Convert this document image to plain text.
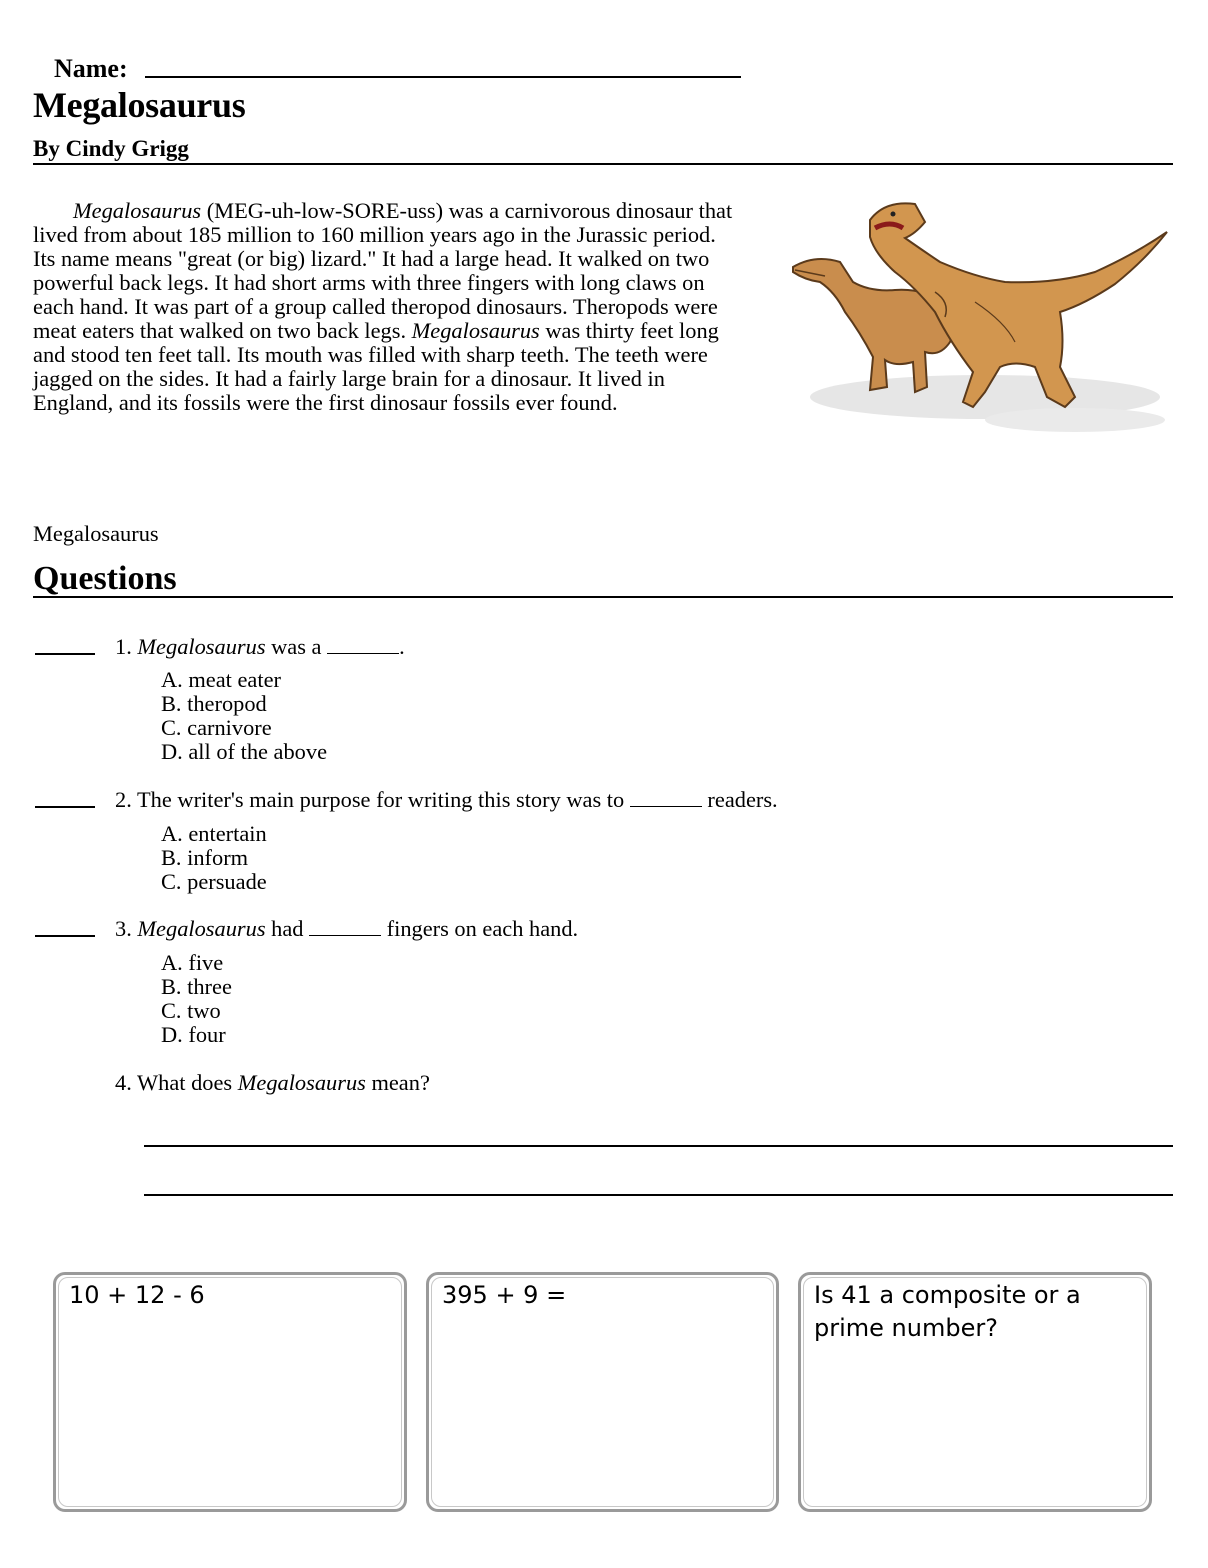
Name:
Megalosaurus
By Cindy Grigg

Megalosaurus (MEG-uh-low-SORE-uss) was a carnivorous dinosaur that lived from about 185 million to 160 million years ago in the Jurassic period. Its name means "great (or big) lizard." It had a large head. It walked on two powerful back legs. It had short arms with three fingers with long claws on each hand. It was part of a group called theropod dinosaurs. Theropods were meat eaters that walked on two back legs. Megalosaurus was thirty feet long and stood ten feet tall. Its mouth was filled with sharp teeth. The teeth were jagged on the sides. It had a fairly large brain for a dinosaur. It lived in England, and its fossils were the first dinosaur fossils ever found.

Megalosaurus
Questions
1. Megalosaurus was a	.
A. meat eater
B. theropod
C. carnivore
D. all of the above
2. The writer's main purpose for writing this story was to	readers.
A. entertain
B. inform
C. persuade
3. Megalosaurus had	fingers on each hand.
A. five
B. three
C. two
D. four
4. What does Megalosaurus mean?
10 + 12 - 6	395 + 9 =	Is 41 a composite or a prime number?
